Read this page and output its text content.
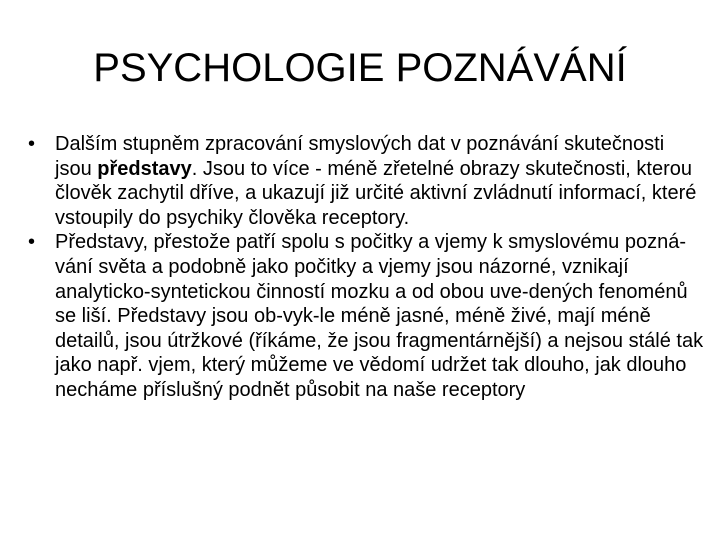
PSYCHOLOGIE POZNÁVÁNÍ
•
Dalším stupněm zpracování smyslových dat v poznávání skutečnosti jsou představy. Jsou to více - méně zřetelné obrazy skutečnosti, kterou člověk zachytil dříve, a ukazují již určité aktivní zvládnutí informací, které vstoupily do psychiky člověka receptory.
•
Představy, přestože patří spolu s počitky a vjemy k smyslovému pozná-vání světa a podobně jako počitky a vjemy jsou názorné, vznikají analyticko-syntetickou činností mozku a od obou uve-dených fenoménů se liší. Představy jsou ob-vyk-le méně jasné, méně živé, mají méně detailů, jsou útržkové (říkáme, že jsou fragmentárnější) a nejsou stálé tak jako např. vjem, který můžeme ve vědomí udržet tak dlouho, jak dlouho necháme příslušný podnět působit na naše receptory
